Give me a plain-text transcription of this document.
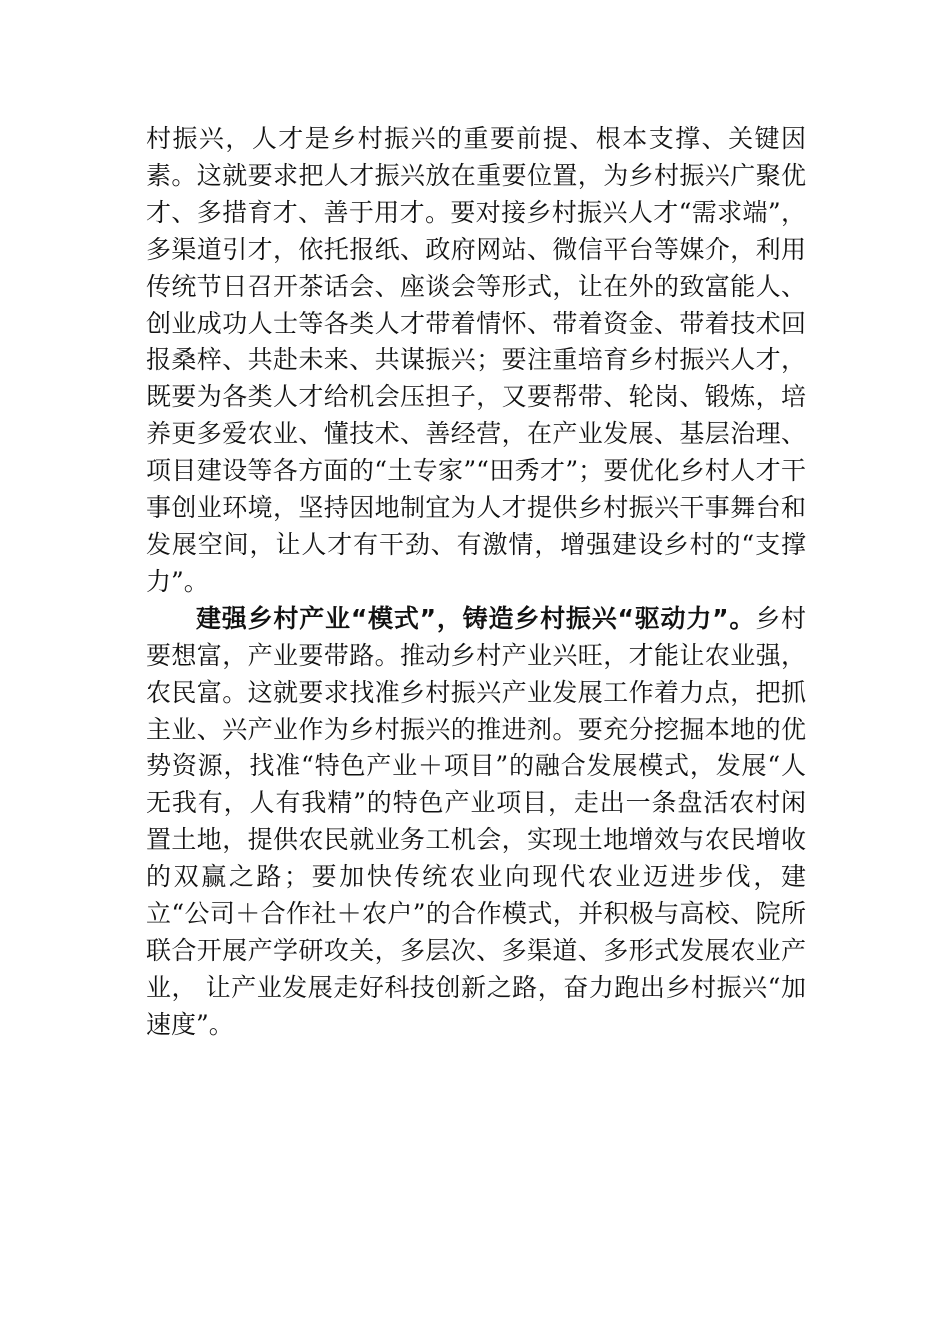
村振兴，人才是乡村振兴的重要前提、根本支撑、关键因素。这就要求把人才振兴放在重要位置，为乡村振兴广聚优才、多措育才、善于用才。要对接乡村振兴人才“需求端”，多渠道引才，依托报纸、政府网站、微信平台等媒介，利用传统节日召开茶话会、座谈会等形式，让在外的致富能人、创业成功人士等各类人才带着情怀、带着资金、带着技术回报桑梓、共赴未来、共谋振兴；要注重培育乡村振兴人才，既要为各类人才给机会压担子，又要帮带、轮岗、锻炼，培养更多爱农业、懂技术、善经营，在产业发展、基层治理、项目建设等各方面的“土专家”“田秀才”；要优化乡村人才干事创业环境，坚持因地制宜为人才提供乡村振兴干事舞台和发展空间，让人才有干劲、有激情，增强建设乡村的“支撑力”。

建强乡村产业“模式”，铸造乡村振兴“驱动力”。乡村要想富，产业要带路。推动乡村产业兴旺，才能让农业强，农民富。这就要求找准乡村振兴产业发展工作着力点，把抓主业、兴产业作为乡村振兴的推进剂。要充分挖掘本地的优势资源，找准“特色产业＋项目”的融合发展模式，发展“人无我有，人有我精”的特色产业项目，走出一条盘活农村闲置土地，提供农民就业务工机会，实现土地增效与农民增收的双赢之路；要加快传统农业向现代农业迈进步伐，建立“公司＋合作社＋农户”的合作模式，并积极与高校、院所联合开展产学研攻关，多层次、多渠道、多形式发展农业产业， 让产业发展走好科技创新之路，奋力跑出乡村振兴“加速度”。
